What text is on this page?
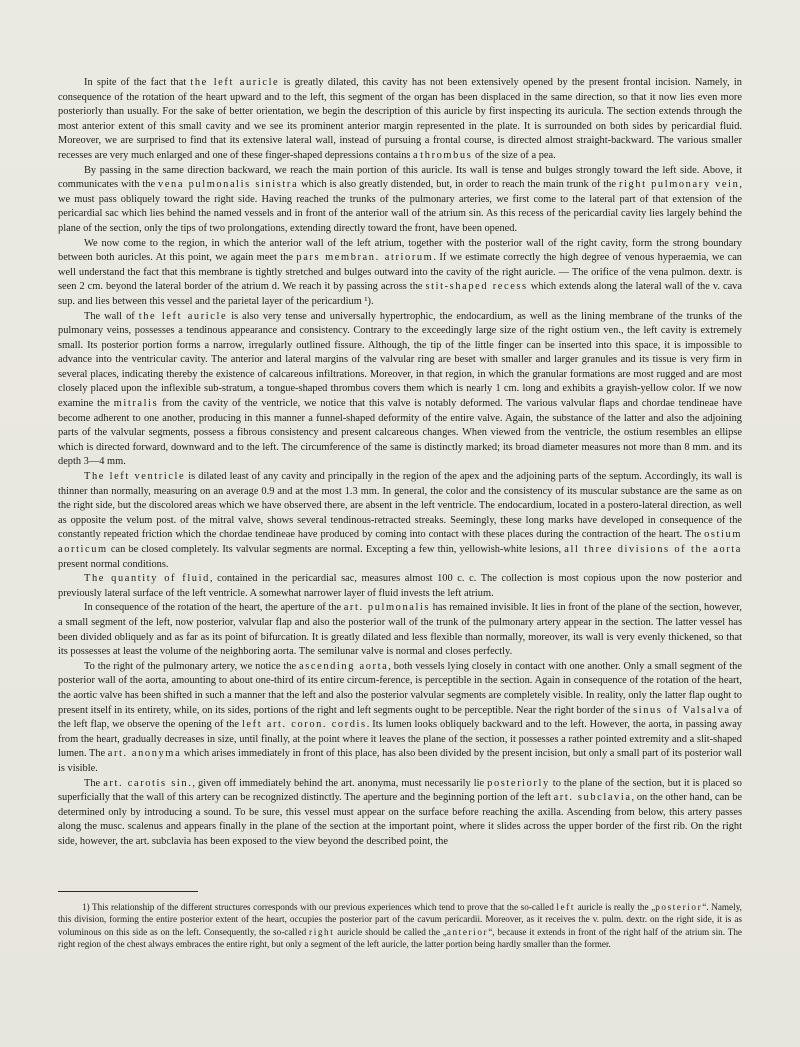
In spite of the fact that the left auricle is greatly dilated, this cavity has not been extensively opened by the present frontal incision. Namely, in consequence of the rotation of the heart upward and to the left, this segment of the organ has been displaced in the same direction, so that it now lies even more posteriorly than usually. For the sake of better orientation, we begin the description of this auricle by first inspecting its auricula. The section extends through the most anterior extent of this small cavity and we see its prominent anterior margin represented in the plate. It is surrounded on both sides by pericardial fluid. Moreover, we are surprised to find that its extensive lateral wall, instead of pursuing a frontal course, is directed almost straight-backward. The various smaller recesses are very much enlarged and one of these finger-shaped depressions contains a thrombus of the size of a pea.

By passing in the same direction backward, we reach the main portion of this auricle. Its wall is tense and bulges strongly toward the left side. Above, it communicates with the vena pulmonalis sinistra which is also greatly distended, but, in order to reach the main trunk of the right pulmonary vein, we must pass obliquely toward the right side. Having reached the trunks of the pulmonary arteries, we first come to the lateral part of that extension of the pericardial sac which lies behind the named vessels and in front of the anterior wall of the atrium sin. As this recess of the pericardial cavity lies largely behind the plane of the section, only the tips of two prolongations, extending directly toward the front, have been opened.

We now come to the region, in which the anterior wall of the left atrium, together with the posterior wall of the right cavity, form the strong boundary between both auricles. At this point, we again meet the pars membran. atriorum. If we estimate correctly the high degree of venous hyperaemia, we can well understand the fact that this membrane is tightly stretched and bulges outward into the cavity of the right auricle. — The orifice of the vena pulmon. dextr. is seen 2 cm. beyond the lateral border of the atrium d. We reach it by passing across the stit-shaped recess which extends along the lateral wall of the v. cava sup. and lies between this vessel and the parietal layer of the pericardium ¹).

The wall of the left auricle is also very tense and universally hypertrophic, the endocardium, as well as the lining membrane of the trunks of the pulmonary veins, possesses a tendinous appearance and consistency. Contrary to the exceedingly large size of the right ostium ven., the left cavity is extremely small. Its posterior portion forms a narrow, irregularly outlined fissure. Although, the tip of the little finger can be inserted into this space, it is impossible to advance into the ventricular cavity. The anterior and lateral margins of the valvular ring are beset with smaller and larger granules and its tissue is very firm in several places, indicating thereby the existence of calcareous infiltrations. Moreover, in that region, in which the granular formations are most rugged and are most closely placed upon the inflexible sub-stratum, a tongue-shaped thrombus covers them which is nearly 1 cm. long and exhibits a grayish-yellow color. If we now examine the mitralis from the cavity of the ventricle, we notice that this valve is notably deformed. The various valvular flaps and chordae tendineae have become adherent to one another, producing in this manner a funnel-shaped deformity of the entire valve. Again, the substance of the latter and also the adjoining parts of the valvular segments, possess a fibrous consistency and present calcareous changes. When viewed from the ventricle, the ostium resembles an ellipse which is directed forward, downward and to the left. The circumference of the same is distinctly marked; its broad diameter measures not more than 8 mm. and its depth 3—4 mm.

The left ventricle is dilated least of any cavity and principally in the region of the apex and the adjoining parts of the septum. Accordingly, its wall is thinner than normally, measuring on an average 0.9 and at the most 1.3 mm. In general, the color and the consistency of its muscular substance are the same as on the right side, but the discolored areas which we have observed there, are absent in the left ventricle. The endocardium, located in a postero-lateral direction, as well as opposite the velum post. of the mitral valve, shows several tendinous-retracted streaks. Seemingly, these long marks have developed in consequence of the constantly repeated friction which the chordae tendineae have produced by coming into contact with these places during the contraction of the heart. The ostium aorticum can be closed completely. Its valvular segments are normal. Excepting a few thin, yellowish-white lesions, all three divisions of the aorta present normal conditions.

The quantity of fluid, contained in the pericardial sac, measures almost 100 c. c. The collection is most copious upon the now posterior and previously lateral surface of the left ventricle. A somewhat narrower layer of fluid invests the left atrium.

In consequence of the rotation of the heart, the aperture of the art. pulmonalis has remained invisible. It lies in front of the plane of the section, however, a small segment of the left, now posterior, valvular flap and also the posterior wall of the trunk of the pulmonary artery appear in the section. The latter vessel has been divided obliquely and as far as its point of bifurcation. It is greatly dilated and less flexible than normally, moreover, its wall is very evenly thickened, so that its possesses at least the volume of the neighboring aorta. The semilunar valve is normal and closes perfectly.

To the right of the pulmonary artery, we notice the ascending aorta, both vessels lying closely in contact with one another. Only a small segment of the posterior wall of the aorta, amounting to about one-third of its entire circum-ference, is perceptible in the section. Again in consequence of the rotation of the heart, the aortic valve has been shifted in such a manner that the left and also the posterior valvular segments are completely visible. In reality, only the latter flap ought to present itself in its entirety, while, on its sides, portions of the right and left segments ought to be perceptible. Near the right border of the sinus of Valsalva of the left flap, we observe the opening of the left art. coron. cordis. Its lumen looks obliquely backward and to the left. However, the aorta, in passing away from the heart, gradually decreases in size, until finally, at the point where it leaves the plane of the section, it possesses a rather pointed extremity and a slit-shaped lumen. The art. anonyma which arises immediately in front of this place, has also been divided by the present incision, but only a small part of its posterior wall is visible.

The art. carotis sin., given off immediately behind the art. anonyma, must necessarily lie posteriorly to the plane of the section, but it is placed so superficially that the wall of this artery can be recognized distinctly. The aperture and the beginning portion of the left art. subclavia, on the other hand, can be determined only by introducing a sound. To be sure, this vessel must appear on the surface before reaching the axilla. Ascending from below, this artery passes along the musc. scalenus and appears finally in the plane of the section at the important point, where it slides across the upper border of the first rib. On the right side, however, the art. subclavia has been exposed to the view beyond the described point, the

1) This relationship of the different structures corresponds with our previous experiences which tend to prove that the so-called left auricle is really the „posterior“. Namely, this division, forming the entire posterior extent of the heart, occupies the posterior part of the cavum pericardii. Moreover, as it receives the v. pulm. dextr. on the right side, it is as voluminous on this side as on the left. Consequently, the so-called right auricle should be called the „anterior“, because it extends in front of the right half of the atrium sin. The right region of the chest always embraces the entire right, but only a segment of the left auricle, the latter portion being hardly smaller than the former.
